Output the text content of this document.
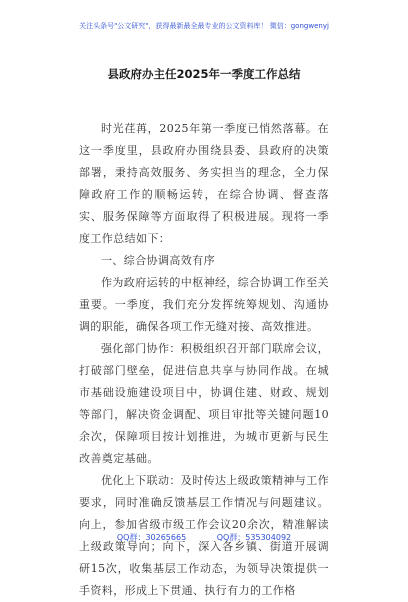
关注头条号"公文研究"，获得最新最全最专业的公文资料库！ 微信：gongwenyj
县政府办主任2025年一季度工作总结

时光荏苒，2025年第一季度已悄然落幕。在这一季度里，县政府办围绕县委、县政府的决策部署，秉持高效服务、务实担当的理念，全力保障政府工作的顺畅运转，在综合协调、督查落实、服务保障等方面取得了积极进展。现将一季度工作总结如下：

一、综合协调高效有序

作为政府运转的中枢神经，综合协调工作至关重要。一季度，我们充分发挥统筹规划、沟通协调的职能，确保各项工作无缝对接、高效推进。

强化部门协作：积极组织召开部门联席会议，打破部门壁垒，促进信息共享与协同作战。在城市基础设施建设项目中，协调住建、财政、规划等部门，解决资金调配、项目审批等关键问题10余次，保障项目按计划推进，为城市更新与民生改善奠定基础。

优化上下联动：及时传达上级政策精神与工作要求，同时准确反馈基层工作情况与问题建议。向上，参加省级市级工作会议20余次，精准解读上级政策导向；向下，深入各乡镇、街道开展调研15次，收集基层工作动态，为领导决策提供一手资料，形成上下贯通、执行有力的工作格

QQ群：30265665	QQ群：535304092
